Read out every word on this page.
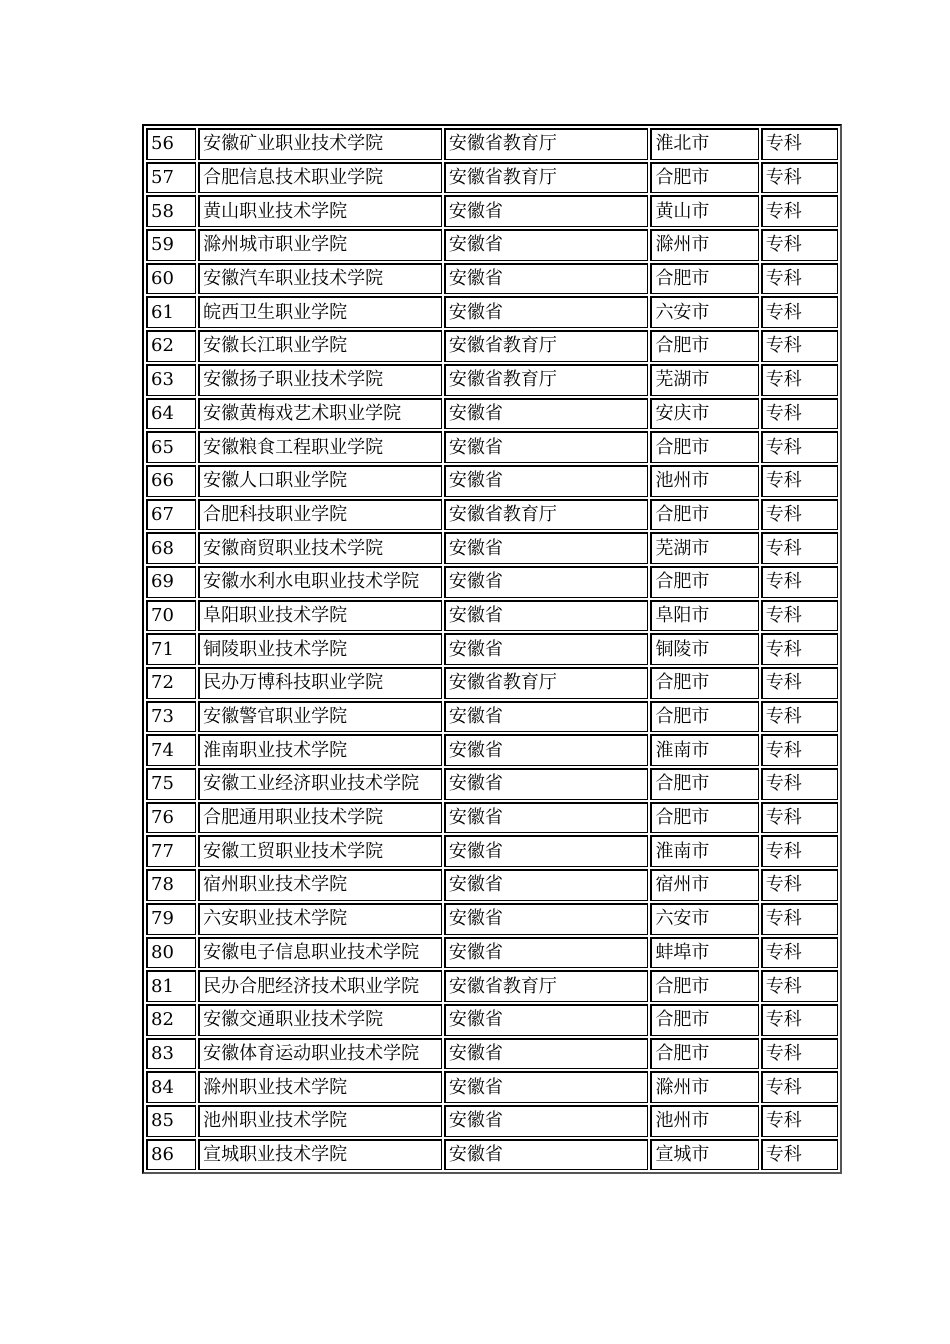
56	安徽矿业职业技术学院	安徽省教育厅	淮北市	专科
57	合肥信息技术职业学院	安徽省教育厅	合肥市	专科
58	黄山职业技术学院	安徽省	黄山市	专科
59	滁州城市职业学院	安徽省	滁州市	专科
60	安徽汽车职业技术学院	安徽省	合肥市	专科
61	皖西卫生职业学院	安徽省	六安市	专科
62	安徽长江职业学院	安徽省教育厅	合肥市	专科
63	安徽扬子职业技术学院	安徽省教育厅	芜湖市	专科
64	安徽黄梅戏艺术职业学院	安徽省	安庆市	专科
65	安徽粮食工程职业学院	安徽省	合肥市	专科
66	安徽人口职业学院	安徽省	池州市	专科
67	合肥科技职业学院	安徽省教育厅	合肥市	专科
68	安徽商贸职业技术学院	安徽省	芜湖市	专科
69	安徽水利水电职业技术学院	安徽省	合肥市	专科
70	阜阳职业技术学院	安徽省	阜阳市	专科
71	铜陵职业技术学院	安徽省	铜陵市	专科
72	民办万博科技职业学院	安徽省教育厅	合肥市	专科
73	安徽警官职业学院	安徽省	合肥市	专科
74	淮南职业技术学院	安徽省	淮南市	专科
75	安徽工业经济职业技术学院	安徽省	合肥市	专科
76	合肥通用职业技术学院	安徽省	合肥市	专科
77	安徽工贸职业技术学院	安徽省	淮南市	专科
78	宿州职业技术学院	安徽省	宿州市	专科
79	六安职业技术学院	安徽省	六安市	专科
80	安徽电子信息职业技术学院	安徽省	蚌埠市	专科
81	民办合肥经济技术职业学院	安徽省教育厅	合肥市	专科
82	安徽交通职业技术学院	安徽省	合肥市	专科
83	安徽体育运动职业技术学院	安徽省	合肥市	专科
84	滁州职业技术学院	安徽省	滁州市	专科
85	池州职业技术学院	安徽省	池州市	专科
86	宣城职业技术学院	安徽省	宣城市	专科
